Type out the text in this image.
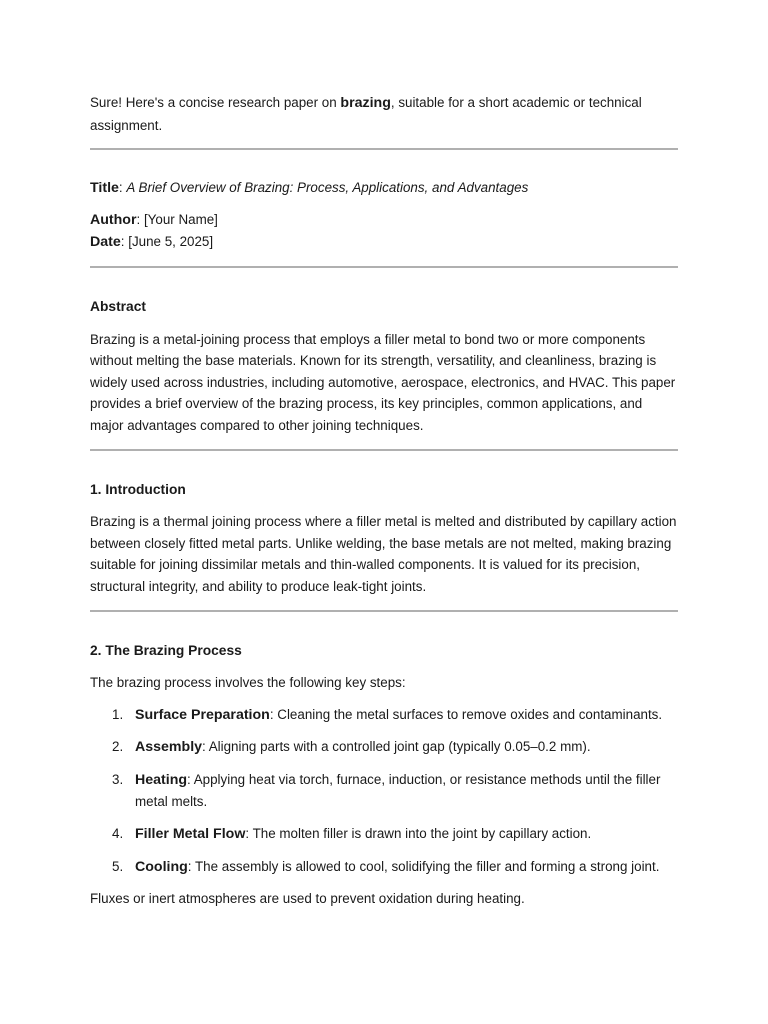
Sure! Here's a concise research paper on brazing, suitable for a short academic or technical assignment.

Title: A Brief Overview of Brazing: Process, Applications, and Advantages

Author: [Your Name]

Date: [June 5, 2025]

Abstract

Brazing is a metal-joining process that employs a filler metal to bond two or more components without melting the base materials. Known for its strength, versatility, and cleanliness, brazing is widely used across industries, including automotive, aerospace, electronics, and HVAC. This paper provides a brief overview of the brazing process, its key principles, common applications, and major advantages compared to other joining techniques.

1. Introduction

Brazing is a thermal joining process where a filler metal is melted and distributed by capillary action between closely fitted metal parts. Unlike welding, the base metals are not melted, making brazing suitable for joining dissimilar metals and thin-walled components. It is valued for its precision, structural integrity, and ability to produce leak-tight joints.

2. The Brazing Process

The brazing process involves the following key steps:

1. Surface Preparation: Cleaning the metal surfaces to remove oxides and contaminants.
2. Assembly: Aligning parts with a controlled joint gap (typically 0.05–0.2 mm).
3. Heating: Applying heat via torch, furnace, induction, or resistance methods until the filler metal melts.
4. Filler Metal Flow: The molten filler is drawn into the joint by capillary action.
5. Cooling: The assembly is allowed to cool, solidifying the filler and forming a strong joint.

Fluxes or inert atmospheres are used to prevent oxidation during heating.
